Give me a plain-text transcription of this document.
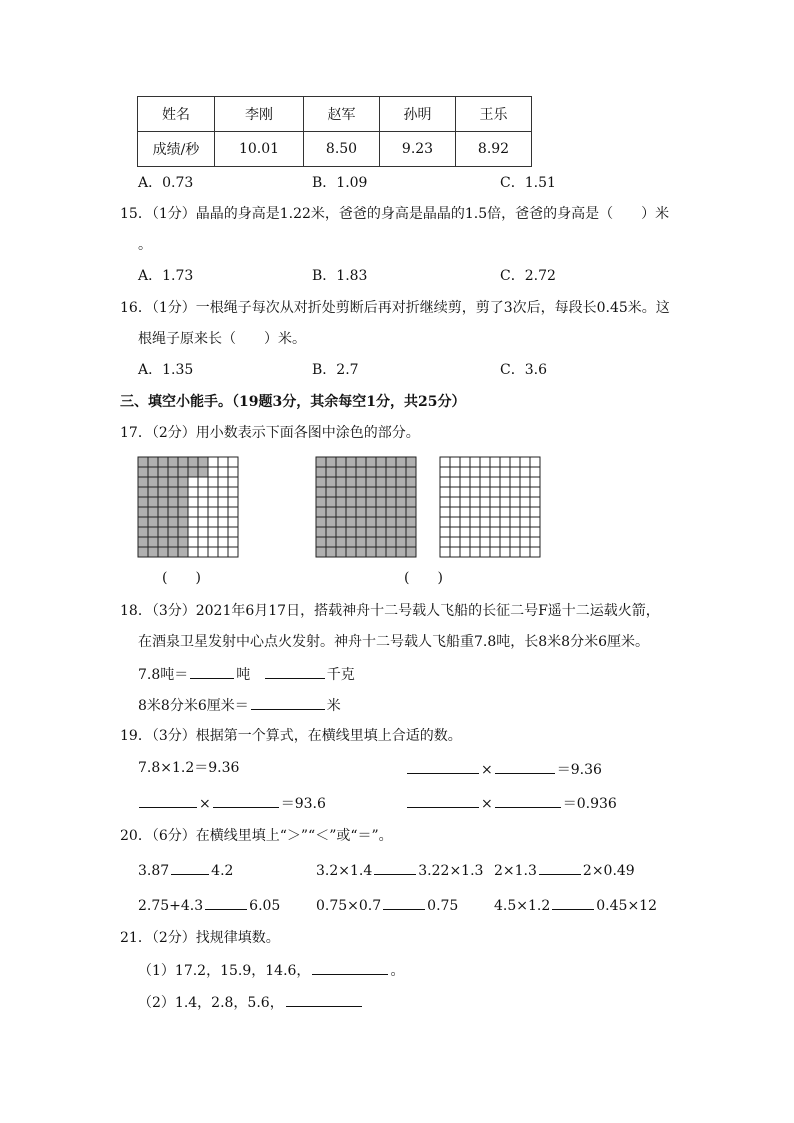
姓名	李刚	赵军	孙明	王乐
成绩/秒	10.01	8.50	9.23	8.92
A．0.73	B．1.09	C．1.51
15．（1分）晶晶的身高是1.22米，爸爸的身高是晶晶的1.5倍，爸爸的身高是（　　）米
。
A．1.73	B．1.83	C．2.72
16．（1分）一根绳子每次从对折处剪断后再对折继续剪，剪了3次后，每段长0.45米。这
根绳子原来长（　　）米。
A．1.35	B．2.7	C．3.6
三、填空小能手。（19题3分，其余每空1分，共25分）
17．（2分）用小数表示下面各图中涂色的部分。
(　　)	(　　)
18．（3分）2021年6月17日，搭载神舟十二号载人飞船的长征二号F遥十二运载火箭，
在酒泉卫星发射中心点火发射。神舟十二号载人飞船重7.8吨，长8米8分米6厘米。
7.8吨＝	吨	千克
8米8分米6厘米＝	米
19．（3分）根据第一个算式，在横线里填上合适的数。
7.8×1.2＝9.36	×	＝9.36
×	＝93.6	×	＝0.936
20．（6分）在横线里填上“＞”“＜”或“＝”。
3.87	4.2	3.2×1.4	3.22×1.3 2×1.3	2×0.49
2.75+4.3	6.05	0.75×0.7	0.75	4.5×1.2	0.45×12
21．（2分）找规律填数。
（1）17.2，15.9，14.6，	。
（2）1.4，2.8，5.6，
